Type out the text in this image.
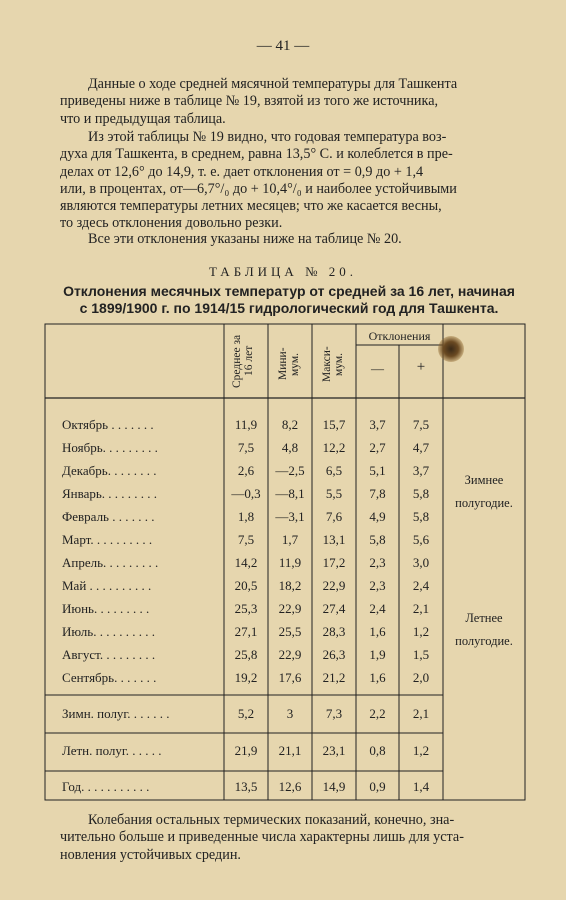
— 41 —
Данные о ходе средней мясячной температуры для Ташкента
приведены ниже в таблице № 19, взятой из того же источника,
что и предыдущая таблица.
Из этой таблицы № 19 видно, что годовая температура воз-
духа для Ташкента, в среднем, равна 13,5° С. и колеблется в пре-
делах от 12,6° до 14,9, т. е. дает отклонения от = 0,9 до + 1,4
или, в процентах, от—6,7°/₀ до + 10,4°/₀ и наиболее устойчивыми
являются температуры летних месяцев; что же касается весны,
то здесь отклонения довольно резки.
Все эти отклонения указаны ниже на таблице № 20.
ТАБЛИЦА № 20.
Отклонения месячных температур от средней за 16 лет, начиная
с 1899/1900 г. по 1914/15 гидрологический год для Ташкента.
Среднее за 16 лет	Мини- мум. Макси- мум.
Отклонения
—	+
Октябрь . . . . . . .	11,9	8,2	15,7	3,7	7,5
Ноябрь. . . . . . . . .	7,5	4,8	12,2	2,7	4,7
Декабрь. . . . . . . .	2,6	—2,5	6,5	5,1	3,7
Январь. . . . . . . . .	—0,3	—8,1	5,5	7,8	5,8
Февраль . . . . . . .	1,8	—3,1	7,6	4,9	5,8
Март. . . . . . . . . .	7,5	1,7	13,1	5,8	5,6
Апрель. . . . . . . . .	14,2	11,9	17,2	2,3	3,0
Май . . . . . . . . . .	20,5	18,2	22,9	2,3	2,4
Июнь. . . . . . . . .	25,3	22,9	27,4	2,4	2,1
Июль. . . . . . . . . .	27,1	25,5	28,3	1,6	1,2
Август. . . . . . . . .	25,8	22,9	26,3	1,9	1,5
Сентябрь. . . . . . .	19,2	17,6	21,2	1,6	2,0
Зимн. полуг. . . . . . .	5,2	3	7,3	2,2	2,1
Летн. полуг. . . . . .	21,9	21,1	23,1	0,8	1,2
Год. . . . . . . . . . .	13,5	12,6	14,9	0,9	1,4
Зимнее
полугодие.
Летнее
полугодие.
Колебания остальных термических показаний, конечно, зна-
чительно больше и приведенные числа характерны лишь для уста-
новления устойчивых средин.
